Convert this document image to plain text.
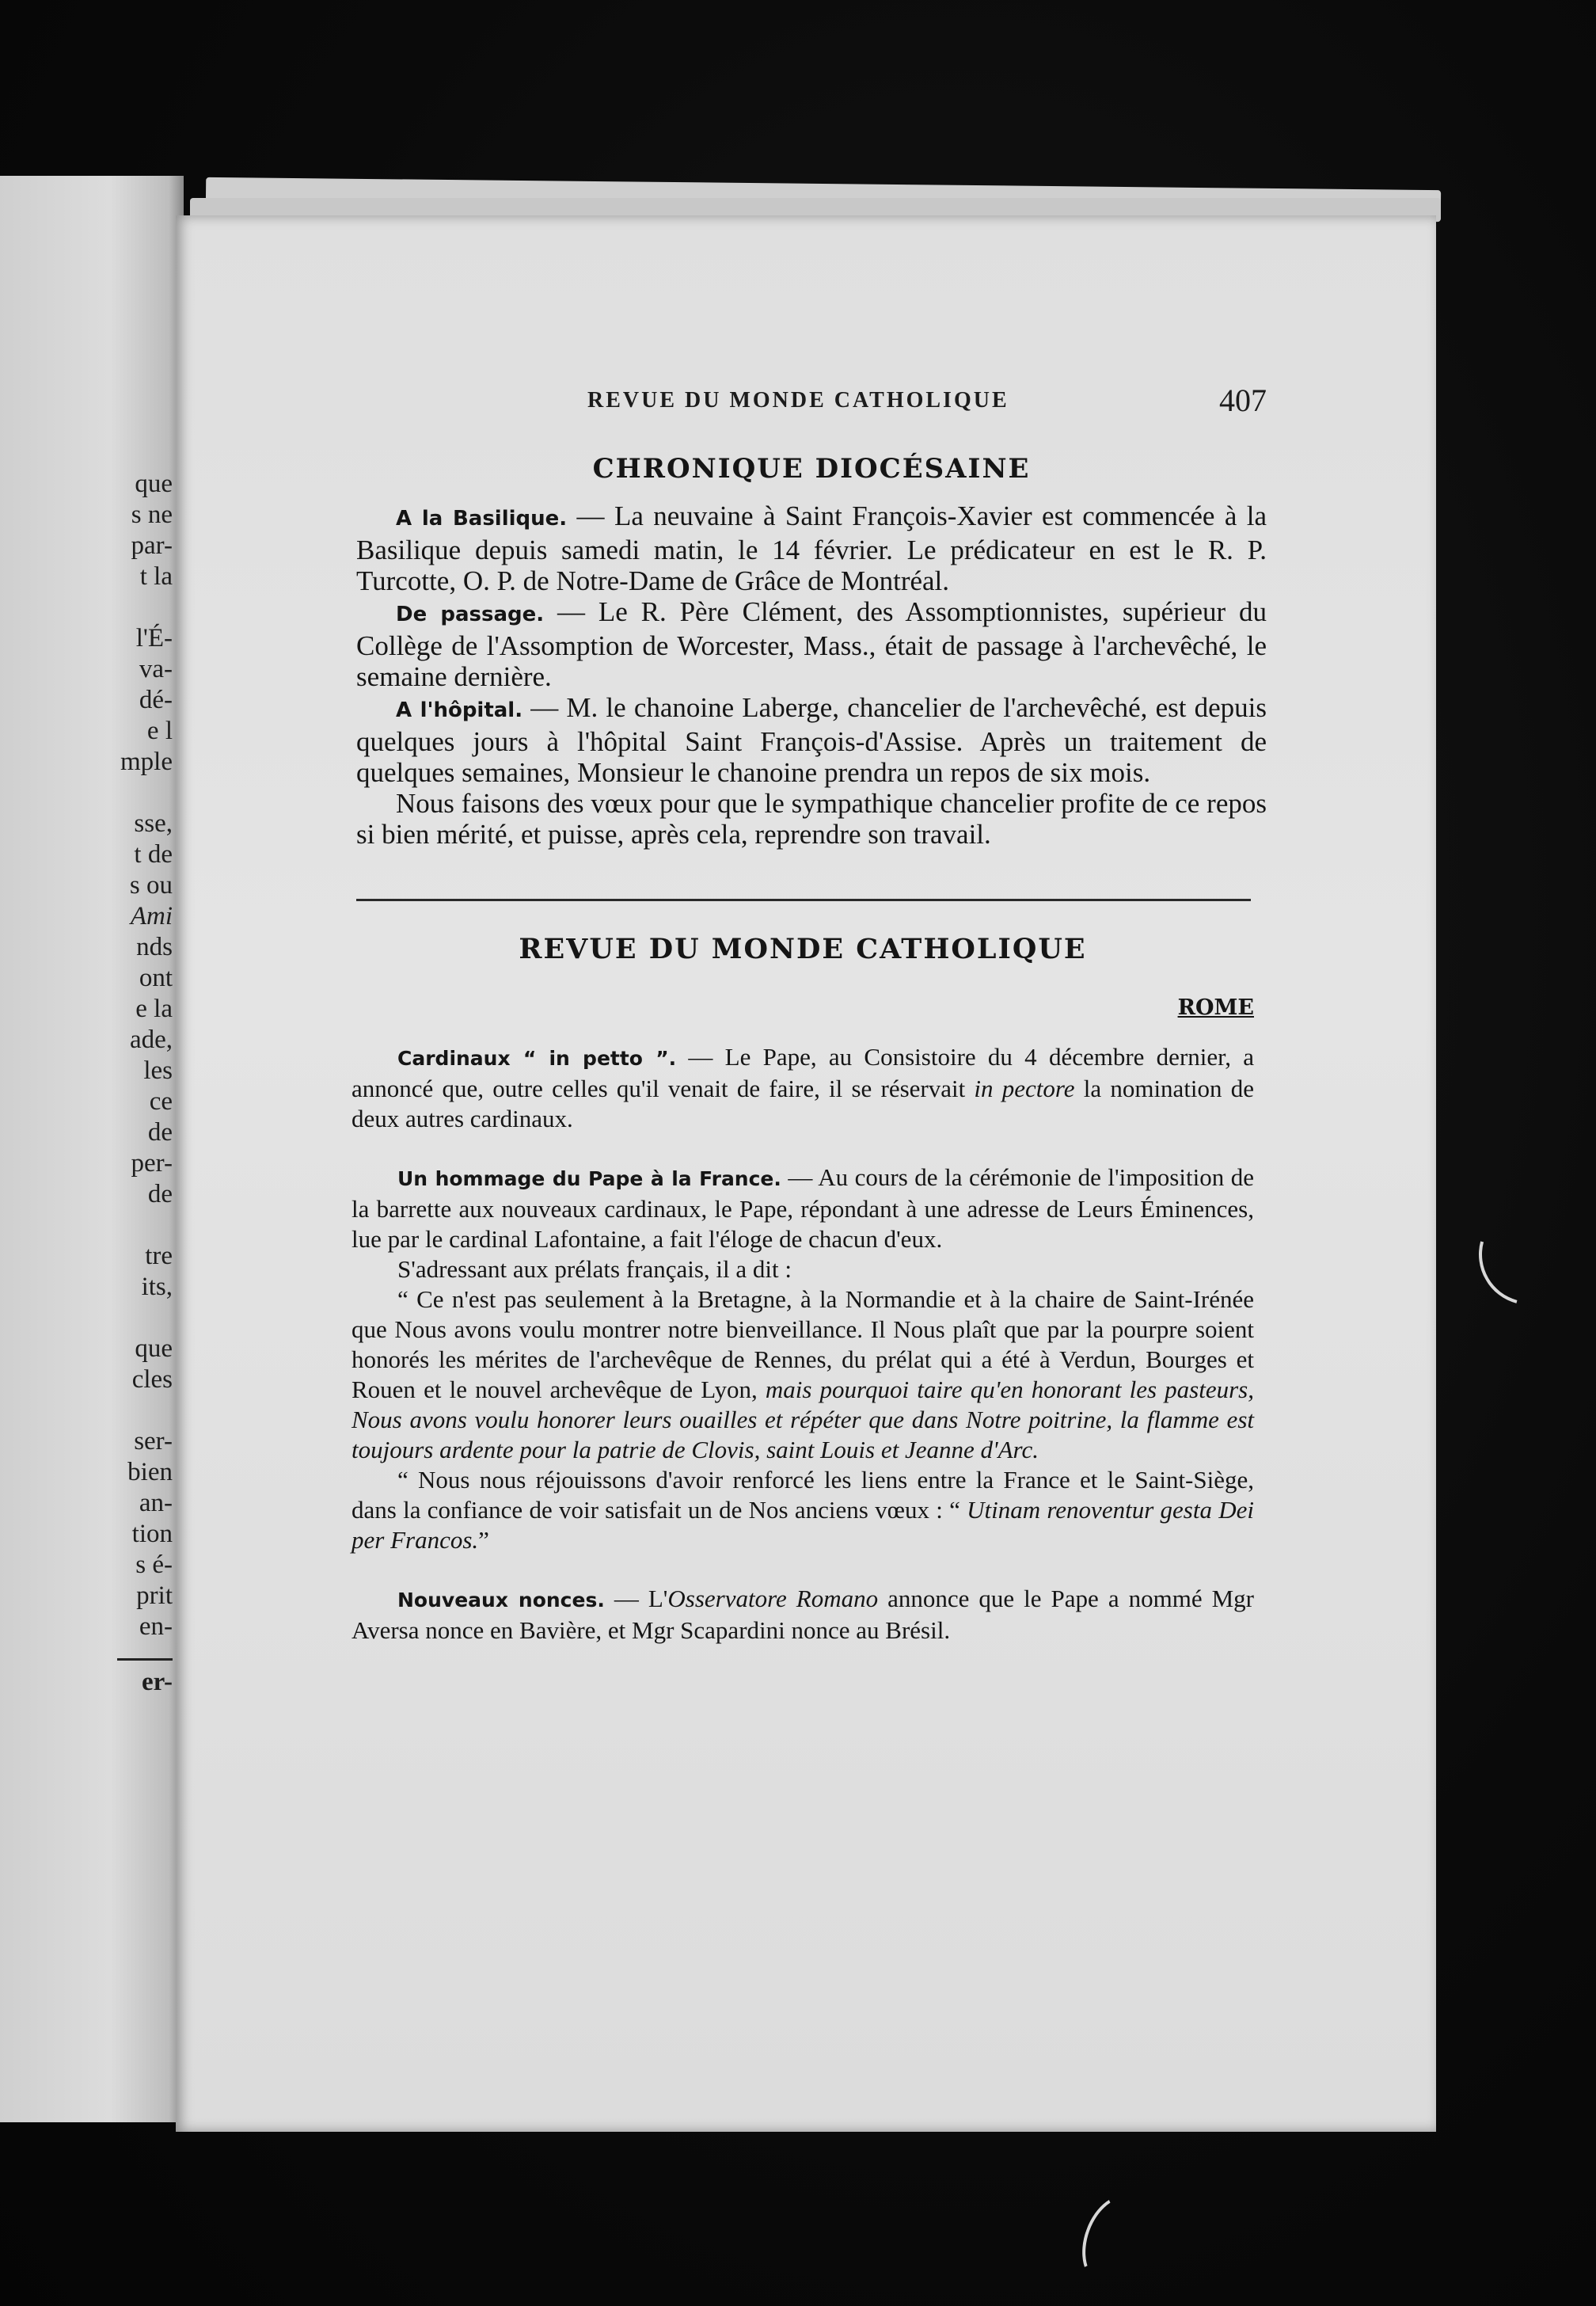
que
s ne
par-
t la
l'É-
va-
dé-
e l
mple
sse,
t de
s ou
Ami
nds
ont
e la
ade,
les
ce
de
per-
de
tre
its,
que
cles
ser-
bien
an-
tion
s é-
prit
en-
er-
REVUE DU MONDE CATHOLIQUE	407
CHRONIQUE DIOCÉSAINE

A la Basilique. — La neuvaine à Saint François-Xavier est commencée à la Basilique depuis samedi matin, le 14 février. Le prédicateur en est le R. P. Turcotte, O. P. de Notre-Dame de Grâce de Montréal.

De passage. — Le R. Père Clément, des Assomptionnistes, supérieur du Collège de l'Assomption de Worcester, Mass., était de passage à l'archevêché, le semaine dernière.

A l'hôpital. — M. le chanoine Laberge, chancelier de l'archevêché, est depuis quelques jours à l'hôpital Saint François-d'Assise. Après un traitement de quelques semaines, Monsieur le chanoine prendra un repos de six mois.

Nous faisons des vœux pour que le sympathique chancelier profite de ce repos si bien mérité, et puisse, après cela, reprendre son travail.

REVUE DU MONDE CATHOLIQUE
ROME

Cardinaux “ in petto ”. — Le Pape, au Consistoire du 4 décembre dernier, a annoncé que, outre celles qu'il venait de faire, il se réservait in pectore la nomination de deux autres cardinaux.

Un hommage du Pape à la France. — Au cours de la cérémonie de l'imposition de la barrette aux nouveaux cardinaux, le Pape, répondant à une adresse de Leurs Éminences, lue par le cardinal Lafontaine, a fait l'éloge de chacun d'eux.

S'adressant aux prélats français, il a dit :

“ Ce n'est pas seulement à la Bretagne, à la Normandie et à la chaire de Saint-Irénée que Nous avons voulu montrer notre bienveillance. Il Nous plaît que par la pourpre soient honorés les mérites de l'archevêque de Rennes, du prélat qui a été à Verdun, Bourges et Rouen et le nouvel archevêque de Lyon, mais pourquoi taire qu'en honorant les pasteurs, Nous avons voulu honorer leurs ouailles et répéter que dans Notre poitrine, la flamme est toujours ardente pour la patrie de Clovis, saint Louis et Jeanne d'Arc.

“ Nous nous réjouissons d'avoir renforcé les liens entre la France et le Saint-Siège, dans la confiance de voir satisfait un de Nos anciens vœux : “ Utinam renoventur gesta Dei per Francos.”

Nouveaux nonces. — L'Osservatore Romano annonce que le Pape a nommé Mgr Aversa nonce en Bavière, et Mgr Scapardini nonce au Brésil.
